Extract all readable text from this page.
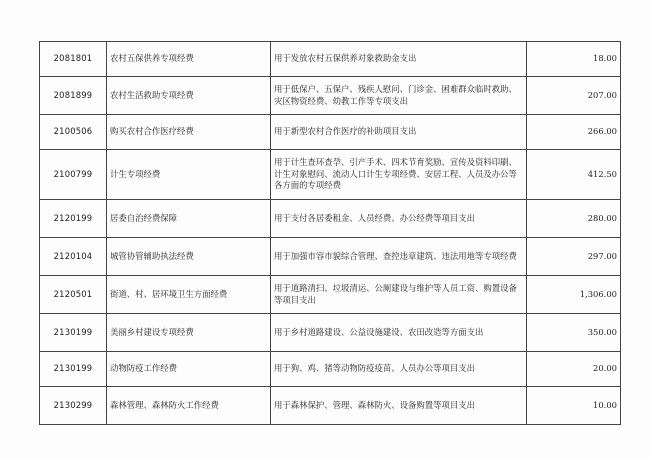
2081801	农村五保供养专项经费	用于发放农村五保供养对象救助金支出	18.00
2081899	农村生活救助专项经费	用于低保户、五保户、残疾人慰问、门诊金、困难群众临时救助、灾区物资经费、幼教工作等专项支出	207.00
2100506	购买农村合作医疗经费	用于新型农村合作医疗的补助项目支出	266.00
2100799	计生专项经费	用于计生查环查孕、引产手术、四术节育奖励、宣传及资料印刷、计生对象慰问、流动人口计生专项经费、安居工程、人员及办公等各方面的专项经费	412.50
2120199	居委自治经费保障	用于支付各居委租金、人员经费、办公经费等项目支出	280.00
2120104	城管协管辅助执法经费	用于加强市容市貌综合管理、查控违章建筑、违法用地等专项经费	297.00
2120501	街道、村、居环境卫生方面经费	用于道路清扫、垃圾清运、公厕建设与维护等人员工资、购置设备等项目支出	1,306.00
2130199	美丽乡村建设专项经费	用于乡村道路建设、公益设施建设、农田改造等方面支出	350.00
2130199	动物防疫工作经费	用于狗、鸡、猪等动物防疫疫苗、人员办公等项目支出	20.00
2130299	森林管理、森林防火工作经费	用于森林保护、管理、森林防火、设备购置等项目支出	10.00
